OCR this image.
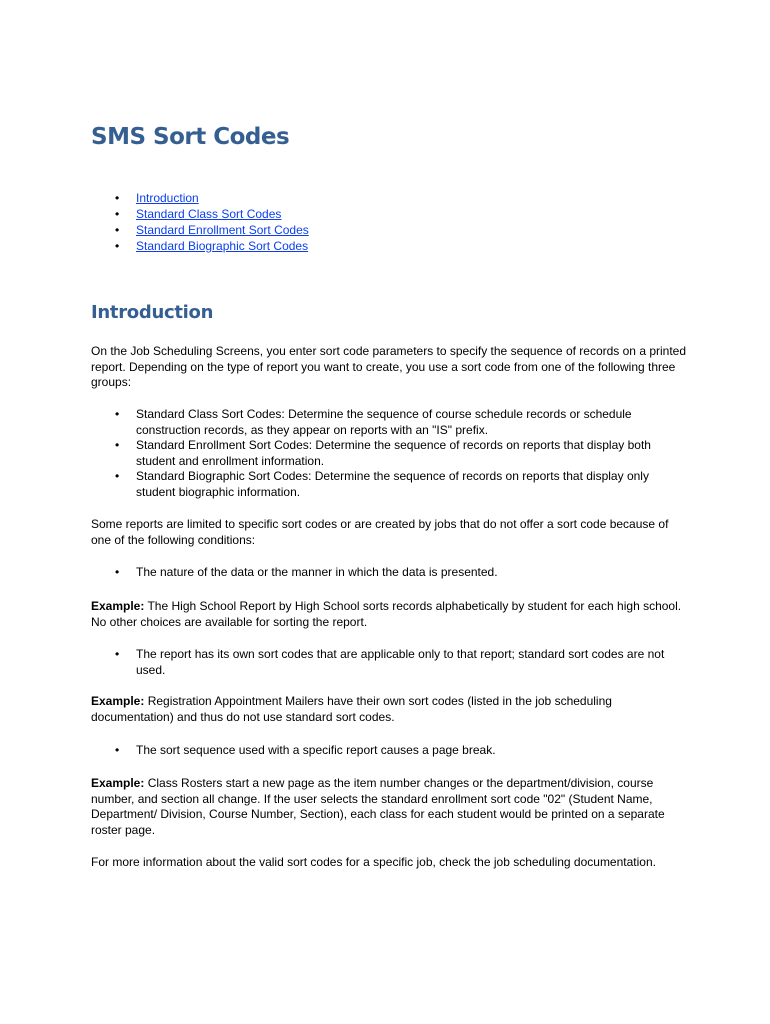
SMS Sort Codes
• Introduction
• Standard Class Sort Codes
• Standard Enrollment Sort Codes
• Standard Biographic Sort Codes
Introduction
On the Job Scheduling Screens, you enter sort code parameters to specify the sequence of records on a printed report. Depending on the type of report you want to create, you use a sort code from one of the following three groups:
• Standard Class Sort Codes: Determine the sequence of course schedule records or schedule construction records, as they appear on reports with an "IS" prefix.
• Standard Enrollment Sort Codes: Determine the sequence of records on reports that display both student and enrollment information.
• Standard Biographic Sort Codes: Determine the sequence of records on reports that display only student biographic information.
Some reports are limited to specific sort codes or are created by jobs that do not offer a sort code because of one of the following conditions:
• The nature of the data or the manner in which the data is presented.
Example: The High School Report by High School sorts records alphabetically by student for each high school. No other choices are available for sorting the report.
• The report has its own sort codes that are applicable only to that report; standard sort codes are not used.
Example: Registration Appointment Mailers have their own sort codes (listed in the job scheduling documentation) and thus do not use standard sort codes.
• The sort sequence used with a specific report causes a page break.
Example: Class Rosters start a new page as the item number changes or the department/division, course number, and section all change. If the user selects the standard enrollment sort code "02" (Student Name, Department/ Division, Course Number, Section), each class for each student would be printed on a separate roster page.
For more information about the valid sort codes for a specific job, check the job scheduling documentation.
